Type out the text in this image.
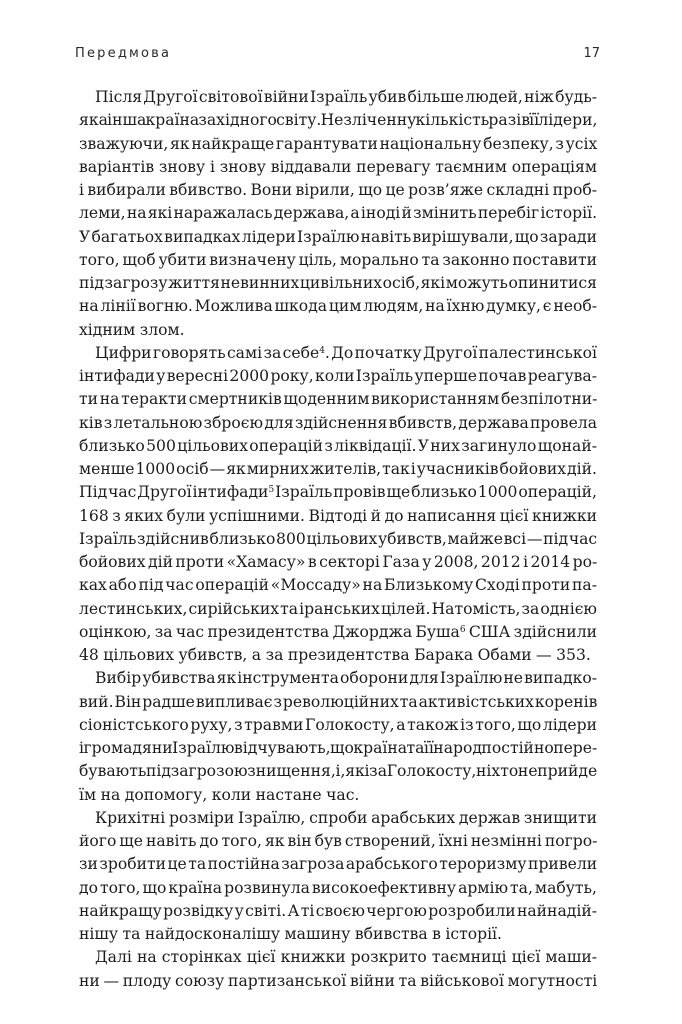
Передмова	17
Після Другої світової війни Ізраїль убив більше людей, ніж будь-
яка інша країна західного світу. Незліченну кількість разів її лідери,
зважуючи, як найкраще гарантувати національну безпеку, з усіх
варіантів знову і знову віддавали перевагу таємним операціям
і вибирали вбивство. Вони вірили, що це розв’яже складні проб-
леми, на які наражалась держава, а іноді й змінить перебіг історії.
У багатьох випадках лідери Ізраїлю навіть вирішували, що заради
того, щоб убити визначену ціль, морально та законно поставити
під загрозу життя невинних цивільних осіб, які можуть опинитися
на лінії вогню. Можлива шкода цим людям, на їхню думку, є необ-
хідним злом.
Цифри говорять самі за себе$^4$. До початку Другої палестинської
інтифади у вересні 2000 року, коли Ізраїль уперше почав реагува-
ти на теракти смертників щоденним використанням безпілотни-
ків з летальною зброєю для здійснення вбивств, держава провела
близько 500 цільових операцій з ліквідації. У них загинуло щонай-
менше 1000 осіб — як мирних жителів, так і учасників бойових дій.
Під час Другої інтифади$^5$ Ізраїль провів ще близько 1000 операцій,
168 з яких були успішними. Відтоді й до написання цієї книжки
Ізраїль здійснив близько 800 цільових убивств, майже всі — під час
бойових дій проти «Хамасу» в секторі Газа у 2008, 2012 і 2014 ро-
ках або під час операцій «Моссаду» на Близькому Сході проти па-
лестинських, сирійських та іранських цілей. Натомість, за однією
оцінкою, за час президентства Джорджа Буша$^6$ США здійснили
48 цільових убивств, а за президентства Барака Обами — 353.
Вибір убивства як інструмента оборони для Ізраїлю не випадко-
вий. Він радше випливає з революційних та активістських коренів
сіоністського руху, з травми Голокосту, а також із того, що лідери
і громадяни Ізраїлю відчувають, що країна та її народ постійно пере-
бувають під загрозою знищення, і, як і за Голокосту, ніхто не прийде
їм на допомогу, коли настане час.
Крихітні розміри Ізраїлю, спроби арабських держав знищити
його ще навіть до того, як він був створений, їхні незмінні погро-
зи зробити це та постійна загроза арабського тероризму привели
до того, що країна розвинула високоефективну армію та, мабуть,
найкращу розвідку у світі. А ті своєю чергою розробили найнадій-
нішу та найдосконалішу машину вбивства в історії.
Далі на сторінках цієї книжки розкрито таємниці цієї маши-
ни — плоду союзу партизанської війни та військової могутності
